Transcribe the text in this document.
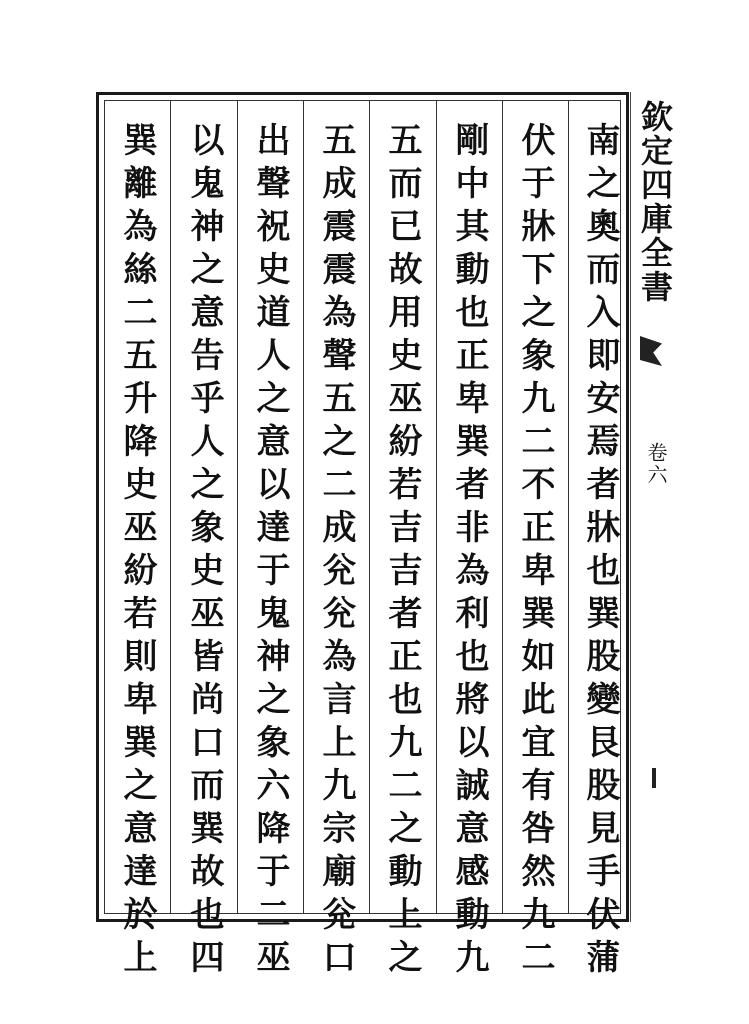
南之奧而入即安焉者牀也巽股變艮股見手伏蒲
伏于牀下之象九二不正卑巽如此宜有咎然九二
剛中其動也正卑巽者非為利也將以誠意感動九
五而已故用史巫紛若吉吉者正也九二之動上之
五成震震為聲五之二成兊兊為言上九宗廟兊口
出聲祝史道人之意以達于鬼神之象六降于二巫
以鬼神之意告乎人之象史巫皆尚口而巽故也四
巽離為絲二五升降史巫紛若則卑巽之意達於上	欽定四庫全書
卷六
